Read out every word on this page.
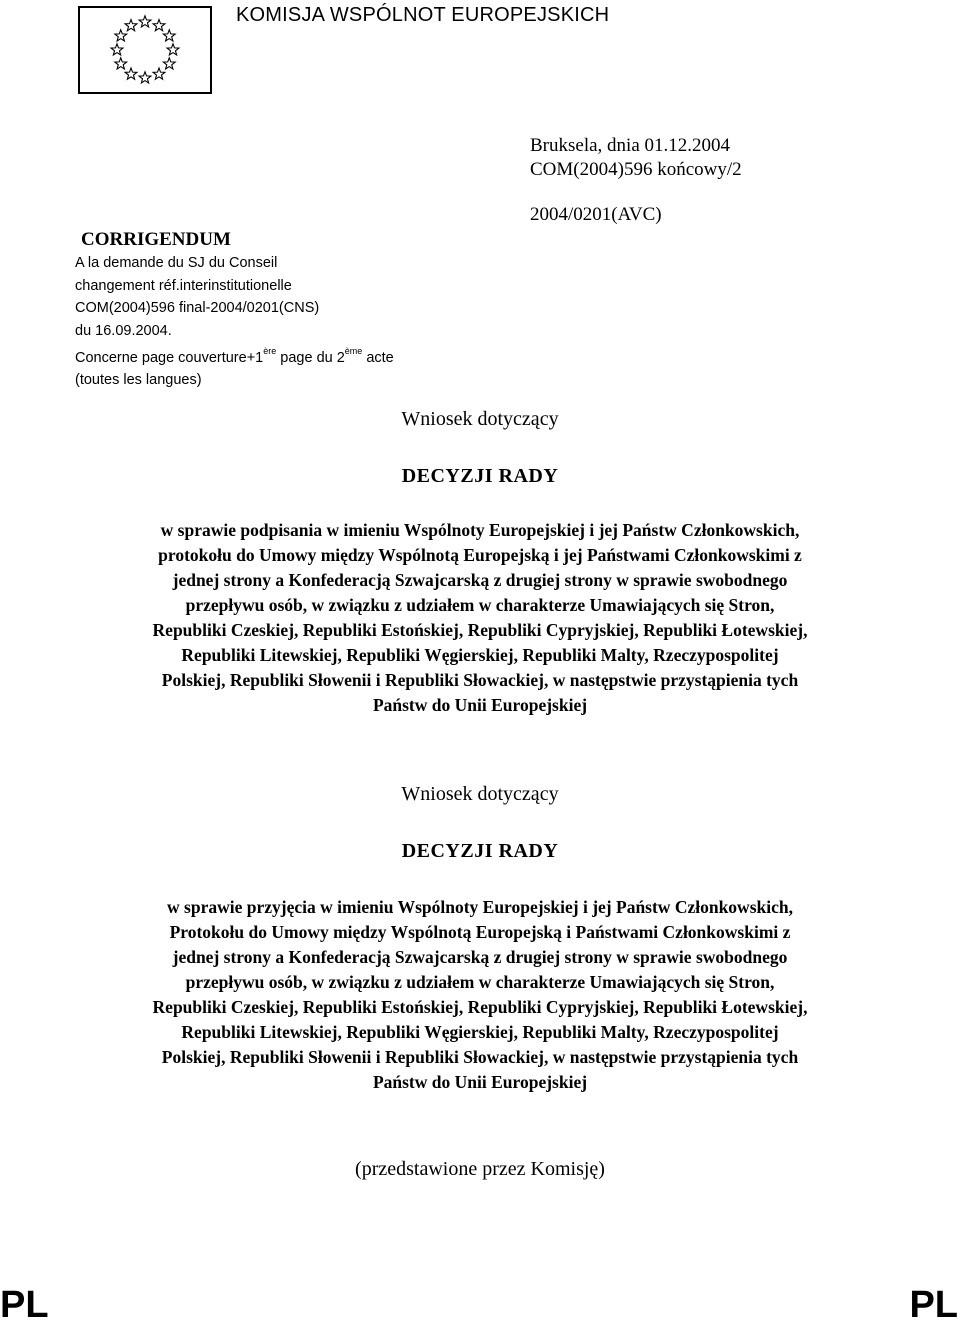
KOMISJA WSPÓLNOT EUROPEJSKICH
Bruksela, dnia 01.12.2004
COM(2004)596 końcowy/2
2004/0201(AVC)
CORRIGENDUM
A la demande du SJ du Conseil
changement réf.interinstitutionelle
COM(2004)596 final-2004/0201(CNS)
du 16.09.2004.
Concerne page couverture+1ère page du 2ème acte
(toutes les langues)
Wniosek dotyczący
DECYZJI RADY
w sprawie podpisania w imieniu Wspólnoty Europejskiej i jej Państw Członkowskich,
protokołu do Umowy między Wspólnotą Europejską i jej Państwami Członkowskimi z
jednej strony a Konfederacją Szwajcarską z drugiej strony w sprawie swobodnego
przepływu osób, w związku z udziałem w charakterze Umawiających się Stron,
Republiki Czeskiej, Republiki Estońskiej, Republiki Cypryjskiej, Republiki Łotewskiej,
Republiki Litewskiej, Republiki Węgierskiej, Republiki Malty, Rzeczypospolitej
Polskiej, Republiki Słowenii i Republiki Słowackiej, w następstwie przystąpienia tych
Państw do Unii Europejskiej
Wniosek dotyczący
DECYZJI RADY
w sprawie przyjęcia w imieniu Wspólnoty Europejskiej i jej Państw Członkowskich,
Protokołu do Umowy między Wspólnotą Europejską i Państwami Członkowskimi z
jednej strony a Konfederacją Szwajcarską z drugiej strony w sprawie swobodnego
przepływu osób, w związku z udziałem w charakterze Umawiających się Stron,
Republiki Czeskiej, Republiki Estońskiej, Republiki Cypryjskiej, Republiki Łotewskiej,
Republiki Litewskiej, Republiki Węgierskiej, Republiki Malty, Rzeczypospolitej
Polskiej, Republiki Słowenii i Republiki Słowackiej, w następstwie przystąpienia tych
Państw do Unii Europejskiej
(przedstawione przez Komisję)
PL	PL
